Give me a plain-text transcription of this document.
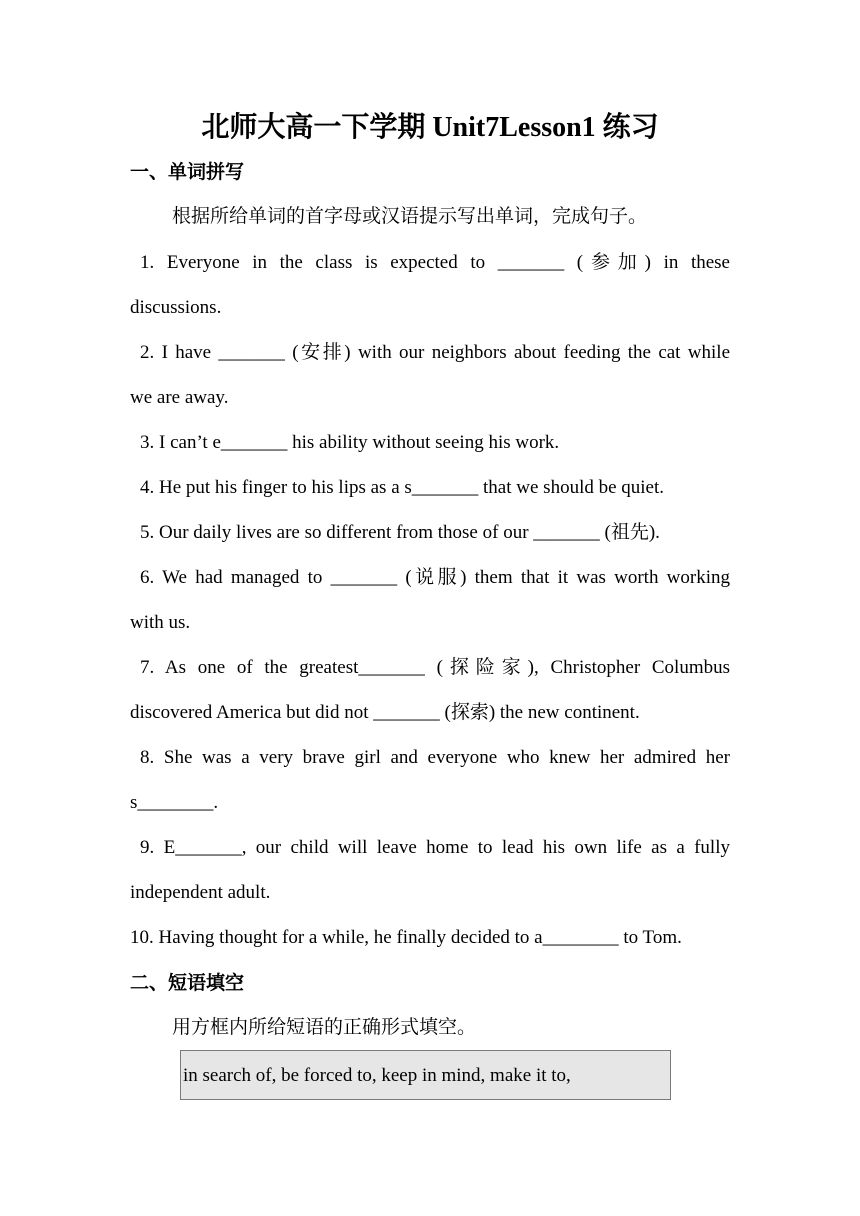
北师大高一下学期 Unit7Lesson1 练习
一、单词拼写
根据所给单词的首字母或汉语提示写出单词，完成句子。
1. Everyone in the class is expected to _______ (参加) in these
discussions.
2. I have _______ (安排) with our neighbors about feeding the cat while
we are away.
3. I can’t e_______ his ability without seeing his work.
4. He put his finger to his lips as a s_______ that we should be quiet.
5. Our daily lives are so different from those of our _______ (祖先).
6. We had managed to _______ (说服) them that it was worth working
with us.
7. As one of the greatest_______ (探险家), Christopher Columbus
discovered America but did not _______ (探索) the new continent.
8. She was a very brave girl and everyone who knew her admired her
s________.
9. E_______, our child will leave home to lead his own life as a fully
independent adult.
10. Having thought for a while, he finally decided to a________ to Tom.
二、短语填空
用方框内所给短语的正确形式填空。
in search of, be forced to, keep in mind, make it to,
